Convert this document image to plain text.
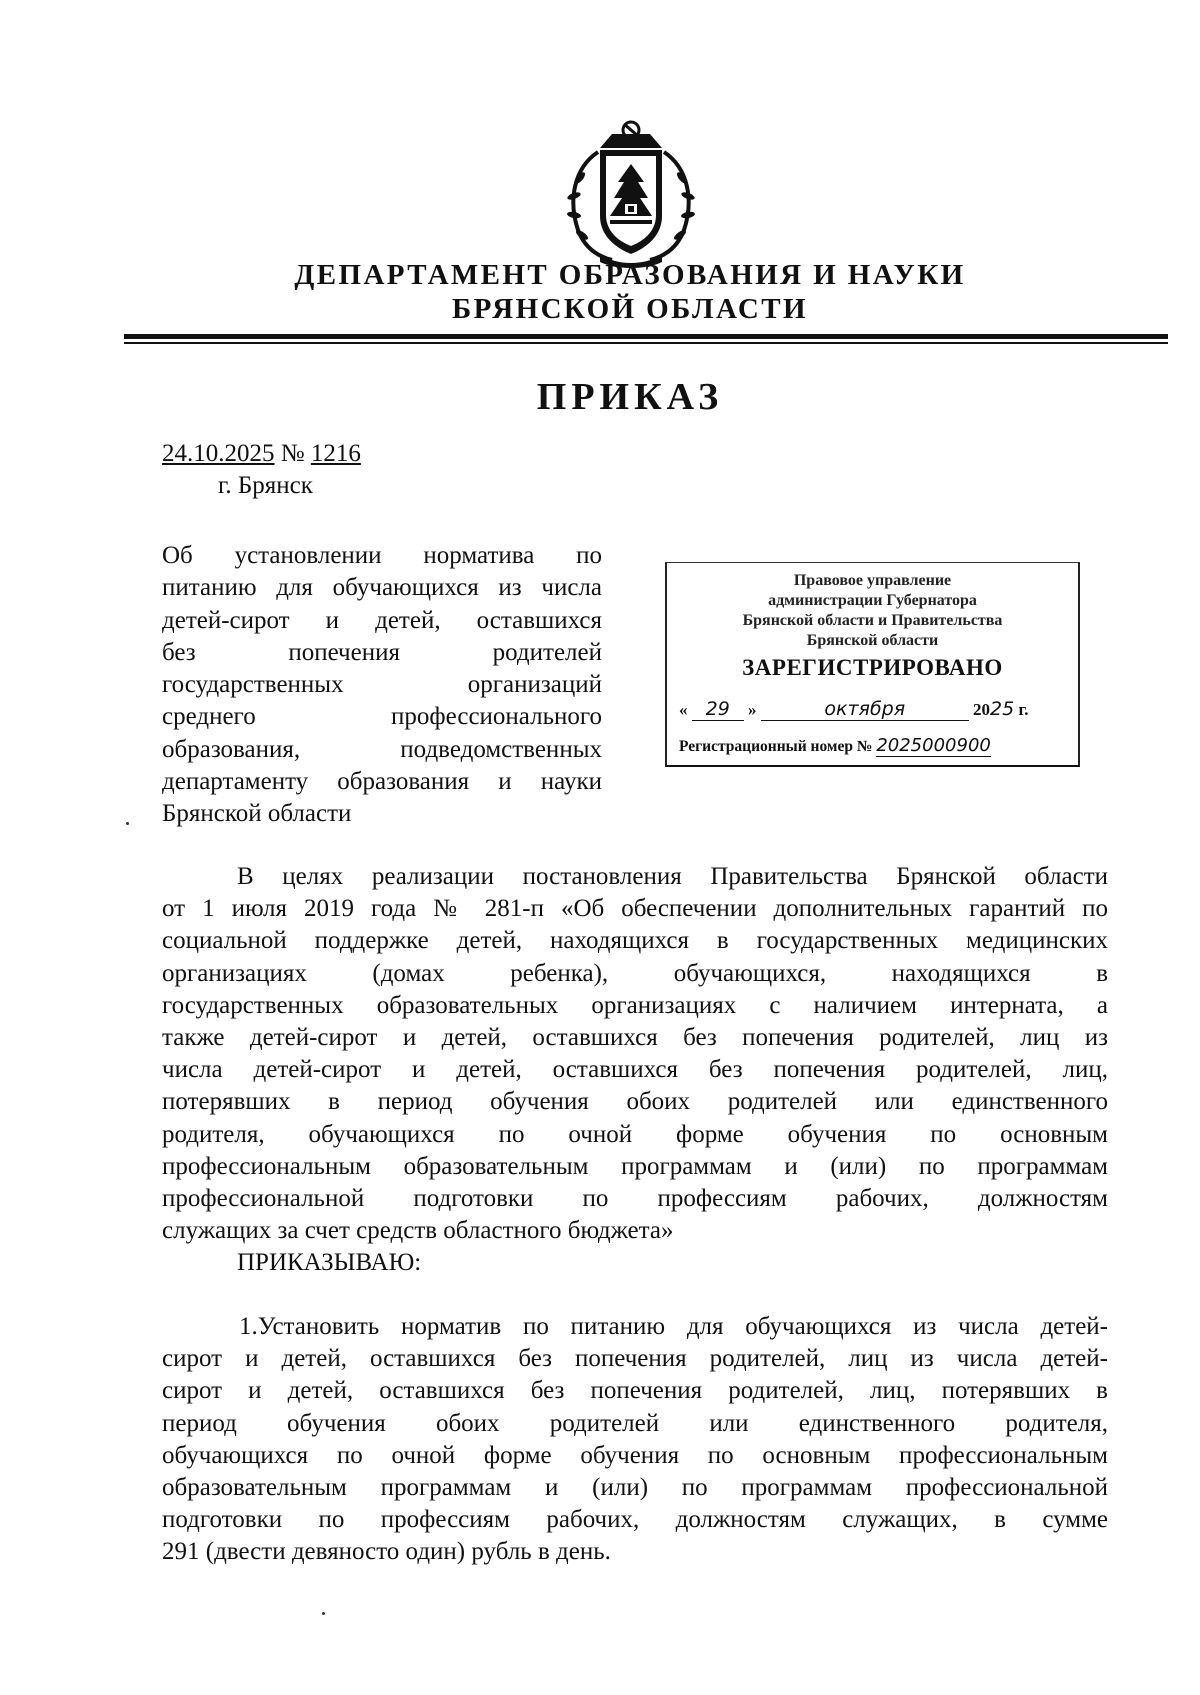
ДЕПАРТАМЕНТ ОБРАЗОВАНИЯ И НАУКИ
БРЯНСКОЙ ОБЛАСТИ
ПРИКАЗ
24.10.2025 № 1216
г. Брянск
Об установлении норматива по
питанию для обучающихся из числа
детей-сирот и детей, оставшихся
без попечения родителей
государственных организаций
среднего профессионального
образования, подведомственных
департаменту образования и науки
Брянской области
Правовое управление
администрации Губернатора
Брянской области и Правительства
Брянской области
ЗАРЕГИСТРИРОВАНО
« 29 »	октября	2025 г.
Регистрационный номер № 2025000900
В целях реализации постановления Правительства Брянской области
от 1 июля 2019 года № 281-п «Об обеспечении дополнительных гарантий по
социальной поддержке детей, находящихся в государственных медицинских
организациях (домах ребенка), обучающихся, находящихся в
государственных образовательных организациях с наличием интерната, а
также детей-сирот и детей, оставшихся без попечения родителей, лиц из
числа детей-сирот и детей, оставшихся без попечения родителей, лиц,
потерявших в период обучения обоих родителей или единственного
родителя, обучающихся по очной форме обучения по основным
профессиональным образовательным программам и (или) по программам
профессиональной подготовки по профессиям рабочих, должностям
служащих за счет средств областного бюджета»
ПРИКАЗЫВАЮ:
1.Установить норматив по питанию для обучающихся из числа детей-
сирот и детей, оставшихся без попечения родителей, лиц из числа детей-
сирот и детей, оставшихся без попечения родителей, лиц, потерявших в
период обучения обоих родителей или единственного родителя,
обучающихся по очной форме обучения по основным профессиональным
образовательным программам и (или) по программам профессиональной
подготовки по профессиям рабочих, должностям служащих, в сумме
291 (двести девяносто один) рубль в день.
